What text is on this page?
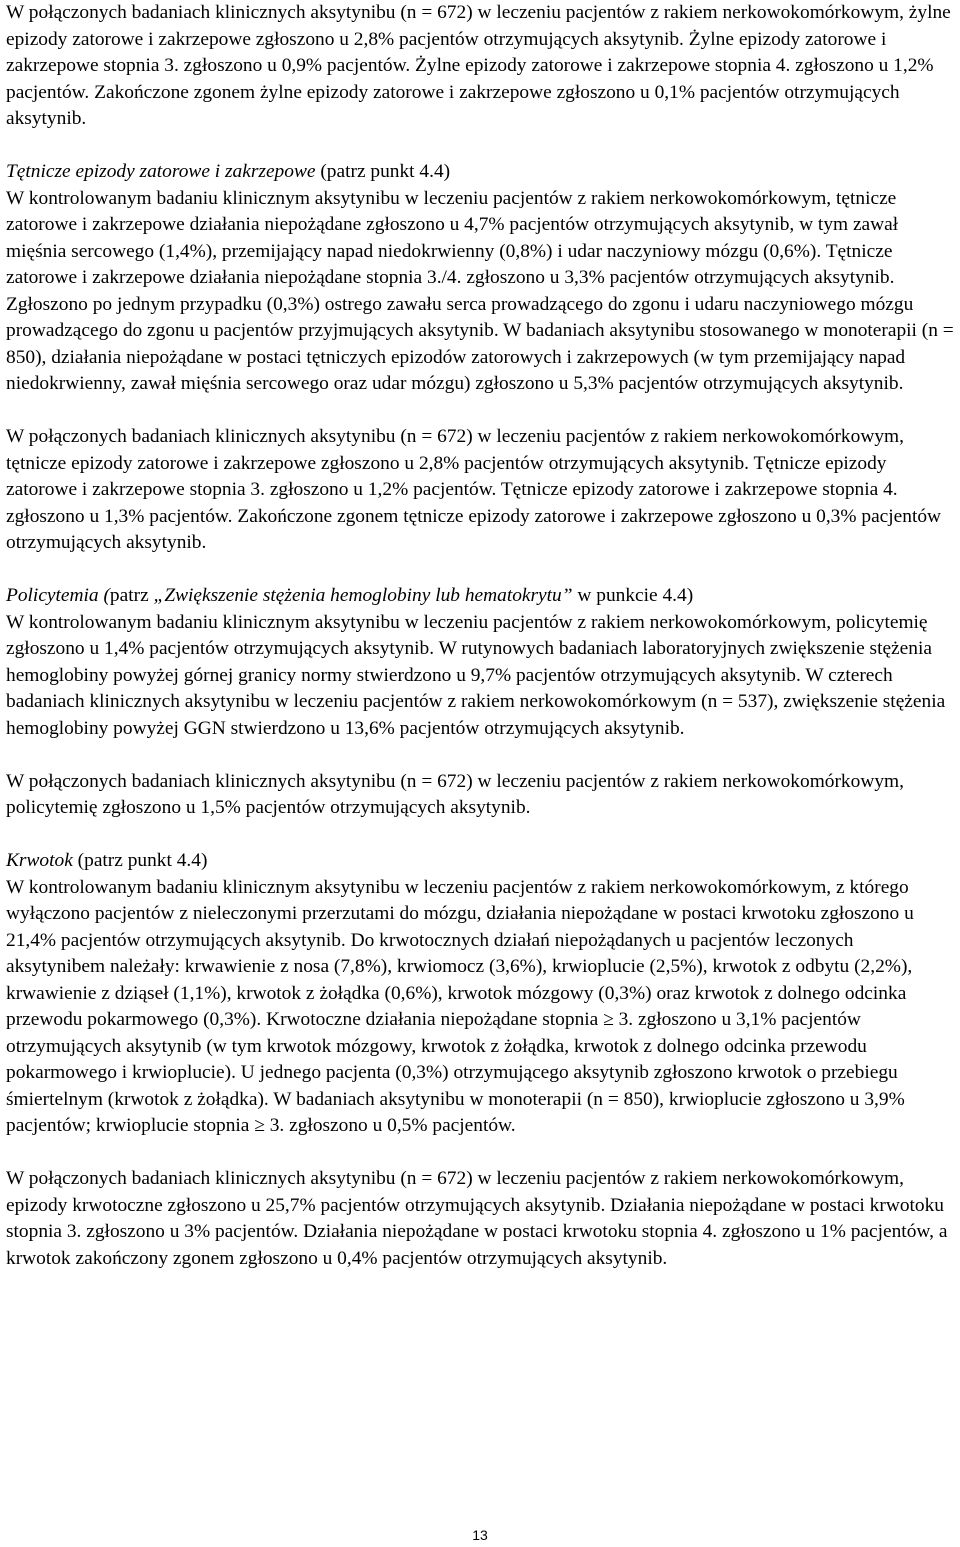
W połączonych badaniach klinicznych aksytynibu (n = 672) w leczeniu pacjentów z rakiem nerkowokomórkowym, żylne epizody zatorowe i zakrzepowe zgłoszono u 2,8% pacjentów otrzymujących aksytynib. Żylne epizody zatorowe i zakrzepowe stopnia 3. zgłoszono u 0,9% pacjentów. Żylne epizody zatorowe i zakrzepowe stopnia 4. zgłoszono u 1,2% pacjentów. Zakończone zgonem żylne epizody zatorowe i zakrzepowe zgłoszono u 0,1% pacjentów otrzymujących aksytynib.

Tętnicze epizody zatorowe i zakrzepowe (patrz punkt 4.4)

W kontrolowanym badaniu klinicznym aksytynibu w leczeniu pacjentów z rakiem nerkowokomórkowym, tętnicze zatorowe i zakrzepowe działania niepożądane zgłoszono u 4,7% pacjentów otrzymujących aksytynib, w tym zawał mięśnia sercowego (1,4%), przemijający napad niedokrwienny (0,8%) i udar naczyniowy mózgu (0,6%). Tętnicze zatorowe i zakrzepowe działania niepożądane stopnia 3./4. zgłoszono u 3,3% pacjentów otrzymujących aksytynib. Zgłoszono po jednym przypadku (0,3%) ostrego zawału serca prowadzącego do zgonu i udaru naczyniowego mózgu prowadzącego do zgonu u pacjentów przyjmujących aksytynib. W badaniach aksytynibu stosowanego w monoterapii (n = 850), działania niepożądane w postaci tętniczych epizodów zatorowych i zakrzepowych (w tym przemijający napad niedokrwienny, zawał mięśnia sercowego oraz udar mózgu) zgłoszono u 5,3% pacjentów otrzymujących aksytynib.

W połączonych badaniach klinicznych aksytynibu (n = 672) w leczeniu pacjentów z rakiem nerkowokomórkowym, tętnicze epizody zatorowe i zakrzepowe zgłoszono u 2,8% pacjentów otrzymujących aksytynib. Tętnicze epizody zatorowe i zakrzepowe stopnia 3. zgłoszono u 1,2% pacjentów. Tętnicze epizody zatorowe i zakrzepowe stopnia 4. zgłoszono u 1,3% pacjentów. Zakończone zgonem tętnicze epizody zatorowe i zakrzepowe zgłoszono u 0,3% pacjentów otrzymujących aksytynib.

Policytemia (patrz „Zwiększenie stężenia hemoglobiny lub hematokrytu” w punkcie 4.4)

W kontrolowanym badaniu klinicznym aksytynibu w leczeniu pacjentów z rakiem nerkowokomórkowym, policytemię zgłoszono u 1,4% pacjentów otrzymujących aksytynib. W rutynowych badaniach laboratoryjnych zwiększenie stężenia hemoglobiny powyżej górnej granicy normy stwierdzono u 9,7% pacjentów otrzymujących aksytynib. W czterech badaniach klinicznych aksytynibu w leczeniu pacjentów z rakiem nerkowokomórkowym (n = 537), zwiększenie stężenia hemoglobiny powyżej GGN stwierdzono u 13,6% pacjentów otrzymujących aksytynib.

W połączonych badaniach klinicznych aksytynibu (n = 672) w leczeniu pacjentów z rakiem nerkowokomórkowym, policytemię zgłoszono u 1,5% pacjentów otrzymujących aksytynib.

Krwotok (patrz punkt 4.4)

W kontrolowanym badaniu klinicznym aksytynibu w leczeniu pacjentów z rakiem nerkowokomórkowym, z którego wyłączono pacjentów z nieleczonymi przerzutami do mózgu, działania niepożądane w postaci krwotoku zgłoszono u 21,4% pacjentów otrzymujących aksytynib. Do krwotocznych działań niepożądanych u pacjentów leczonych aksytynibem należały: krwawienie z nosa (7,8%), krwiomocz (3,6%), krwioplucie (2,5%), krwotok z odbytu (2,2%), krwawienie z dziąseł (1,1%), krwotok z żołądka (0,6%), krwotok mózgowy (0,3%) oraz krwotok z dolnego odcinka przewodu pokarmowego (0,3%). Krwotoczne działania niepożądane stopnia ≥ 3. zgłoszono u 3,1% pacjentów otrzymujących aksytynib (w tym krwotok mózgowy, krwotok z żołądka, krwotok z dolnego odcinka przewodu pokarmowego i krwioplucie). U jednego pacjenta (0,3%) otrzymującego aksytynib zgłoszono krwotok o przebiegu śmiertelnym (krwotok z żołądka). W badaniach aksytynibu w monoterapii (n = 850), krwioplucie zgłoszono u 3,9% pacjentów; krwioplucie stopnia ≥ 3. zgłoszono u 0,5% pacjentów.

W połączonych badaniach klinicznych aksytynibu (n = 672) w leczeniu pacjentów z rakiem nerkowokomórkowym, epizody krwotoczne zgłoszono u 25,7% pacjentów otrzymujących aksytynib. Działania niepożądane w postaci krwotoku stopnia 3. zgłoszono u 3% pacjentów. Działania niepożądane w postaci krwotoku stopnia 4. zgłoszono u 1% pacjentów, a krwotok zakończony zgonem zgłoszono u 0,4% pacjentów otrzymujących aksytynib.

13
